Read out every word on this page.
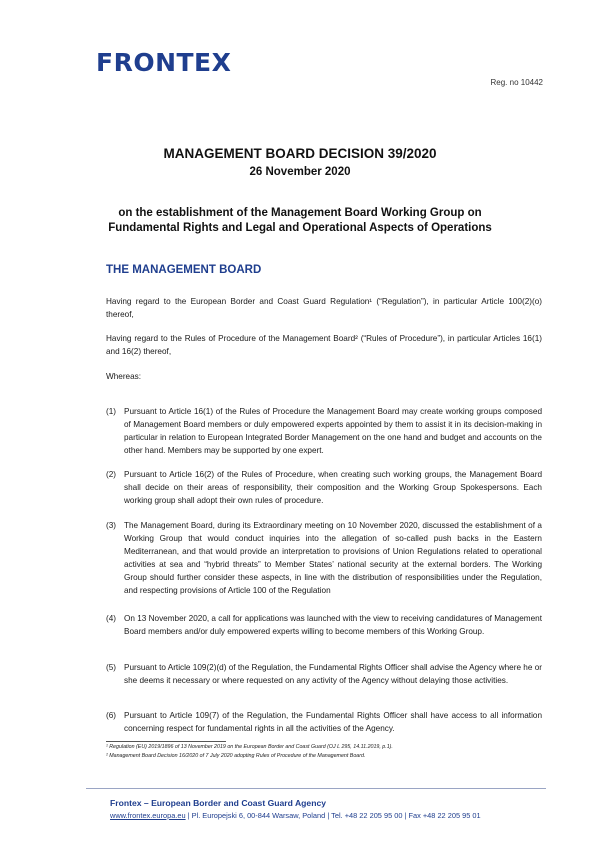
FRONTEX
Reg. no 10442
MANAGEMENT BOARD DECISION 39/2020
26 November 2020
on the establishment of the Management Board Working Group on
Fundamental Rights and Legal and Operational Aspects of Operations
THE MANAGEMENT BOARD
Having regard to the European Border and Coast Guard Regulation¹ (“Regulation”), in particular Article 100(2)(o) thereof,
Having regard to the Rules of Procedure of the Management Board² (“Rules of Procedure”), in particular Articles 16(1) and 16(2) thereof,
Whereas:
(1) Pursuant to Article 16(1) of the Rules of Procedure the Management Board may create working groups composed of Management Board members or duly empowered experts appointed by them to assist it in its decision-making in particular in relation to European Integrated Border Management on the one hand and budget and accounts on the other hand. Members may be supported by one expert.
(2) Pursuant to Article 16(2) of the Rules of Procedure, when creating such working groups, the Management Board shall decide on their areas of responsibility, their composition and the Working Group Spokespersons. Each working group shall adopt their own rules of procedure.
(3) The Management Board, during its Extraordinary meeting on 10 November 2020, discussed the establishment of a Working Group that would conduct inquiries into the allegation of so-called push backs in the Eastern Mediterranean, and that would provide an interpretation to provisions of Union Regulations related to operational activities at sea and “hybrid threats” to Member States’ national security at the external borders. The Working Group should further consider these aspects, in line with the distribution of responsibilities under the Regulation, and respecting provisions of Article 100 of the Regulation
(4) On 13 November 2020, a call for applications was launched with the view to receiving candidatures of Management Board members and/or duly empowered experts willing to become members of this Working Group.
(5) Pursuant to Article 109(2)(d) of the Regulation, the Fundamental Rights Officer shall advise the Agency where he or she deems it necessary or where requested on any activity of the Agency without delaying those activities.
(6) Pursuant to Article 109(7) of the Regulation, the Fundamental Rights Officer shall have access to all information concerning respect for fundamental rights in all the activities of the Agency.
¹ Regulation (EU) 2019/1896 of 13 November 2019 on the European Border and Coast Guard (OJ L 295, 14.11.2019, p.1).
² Management Board Decision 16/2020 of 7 July 2020 adopting Rules of Procedure of the Management Board.
Frontex – European Border and Coast Guard Agency
www.frontex.europa.eu | Pl. Europejski 6, 00-844 Warsaw, Poland | Tel. +48 22 205 95 00 | Fax +48 22 205 95 01
